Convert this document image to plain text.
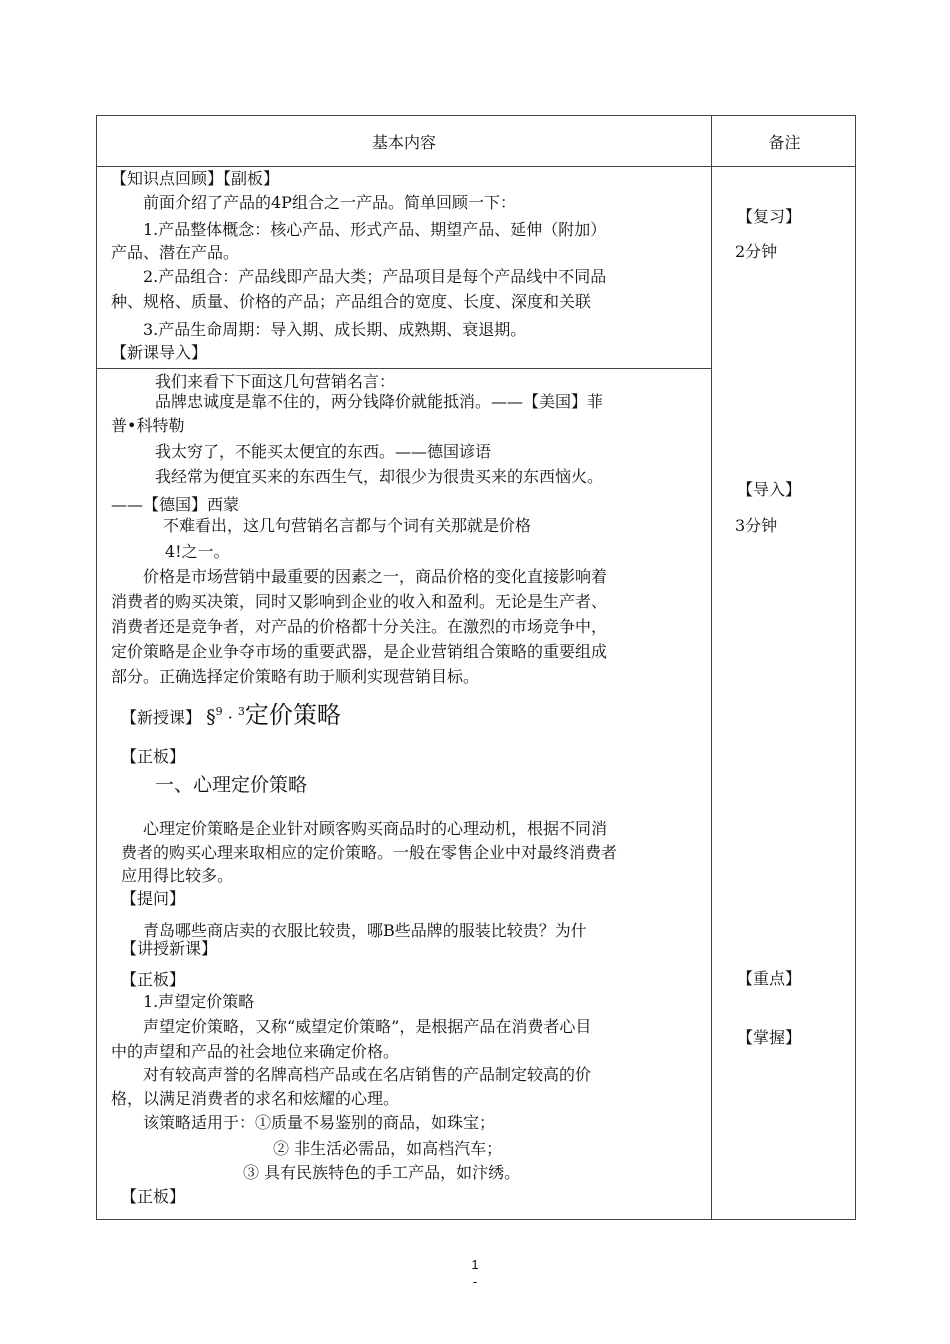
基本内容	备注
【知识点回顾】【副板】
前面介绍了产品的4P组合之一产品。简单回顾一下：
1.产品整体概念：核心产品、形式产品、期望产品、延伸（附加）
产品、潜在产品。
2.产品组合：产品线即产品大类；产品项目是每个产品线中不同品
种、规格、质量、价格的产品；产品组合的宽度、长度、深度和关联
3.产品生命周期：导入期、成长期、成熟期、衰退期。
【新课导入】
我们来看下下面这几句营销名言：
品牌忠诚度是靠不住的，两分钱降价就能抵消。——【美国】菲
普•科特勒
我太穷了，不能买太便宜的东西。——德国谚语
我经常为便宜买来的东西生气，却很少为很贵买来的东西恼火。
——【德国】西蒙
不难看出，这几句营销名言都与个词有关那就是价格
4!之一。
价格是市场营销中最重要的因素之一，商品价格的变化直接影响着
消费者的购买决策，同时又影响到企业的收入和盈利。无论是生产者、
消费者还是竞争者，对产品的价格都十分关注。在激烈的市场竞争中，
定价策略是企业争夺市场的重要武器，是企业营销组合策略的重要组成
部分。正确选择定价策略有助于顺利实现营销目标。
【新授课】 §$^9$ · $^3$定价策略
【正板】
一、心理定价策略
心理定价策略是企业针对顾客购买商品时的心理动机，根据不同消
费者的购买心理来取相应的定价策略。一般在零售企业中对最终消费者
应用得比较多。
【提问】
青岛哪些商店卖的衣服比较贵，哪B些品牌的服装比较贵？为什
【讲授新课】
【正板】
1.声望定价策略
声望定价策略，又称“威望定价策略”，是根据产品在消费者心目
中的声望和产品的社会地位来确定价格。
对有较高声誉的名牌高档产品或在名店销售的产品制定较高的价
格，以满足消费者的求名和炫耀的心理。
该策略适用于：①质量不易鉴别的商品，如珠宝；
② 非生活必需品，如高档汽车；
③ 具有民族特色的手工产品，如汴绣。
【正板】
【复习】
2分钟
【导入】
3分钟
【重点】
【掌握】
1
-
